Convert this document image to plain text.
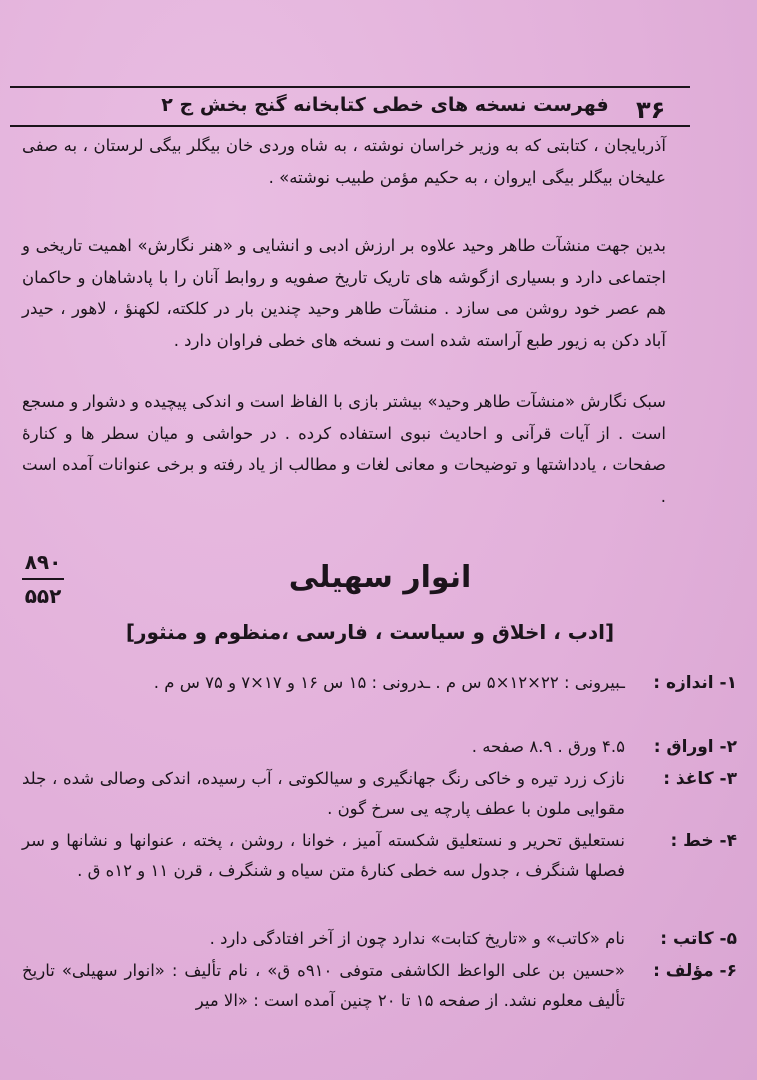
۳۶
فهرست نسخه های خطی کتابخانه گنج بخش ج ۲

آذربایجان ، کتابتی که به وزیر خراسان نوشته ، به شاه وردی خان بیگلر بیگی لرستان ، به صفی علیخان بیگلر بیگی ایروان ، به حکیم مؤمن طبیب نوشته» .

بدین جهت منشآت طاهر وحید علاوه بر ارزش ادبی و انشایی و «هنر نگارش» اهمیت تاریخی و اجتماعی دارد و بسیاری ازگوشه های تاریک تاریخ صفویه و روابط آنان را با پادشاهان و حاکمان هم عصر خود روشن می سازد . منشآت طاهر وحید چندین بار در کلکته، لکهنؤ ، لاهور ، حیدر آباد دکن به زیور طبع آراسته شده است و نسخه های خطی فراوان دارد .

سبک نگارش «منشآت طاهر وحید» بیشتر بازی با الفاظ است و اندکی پیچیده و دشوار و مسجع است . از آیات قرآنی و احادیث نبوی استفاده کرده . در حواشی و میان سطر ها و کنارهٔ صفحات ، یادداشتها و توضیحات و معانی لغات و مطالب از یاد رفته و برخی عنوانات آمده است .

۸۹۰
۵۵۲
انوار سهیلی
[ادب ، اخلاق و سیاست ، فارسی ،منظوم و منثور]
۱- اندازه :
ـبیرونی : ۲۲×۱۲×۵ س م . ـدرونی : ۱۵ س ۱۶ و ۱۷×۷ و ۷۵ س م .
۲- اوراق :
۴.۵ ورق . ۸.۹ صفحه .
۳- کاغذ :
نازک زرد تیره و خاکی رنگ جهانگیری و سیالکوتی ، آب رسیده، اندکی وصالی شده ، جلد مقوایی ملون با عطف پارچه یی سرخ گون .
۴- خط :
نستعلیق تحریر و نستعلیق شکسته آمیز ، خوانا ، روشن ، پخته ، عنوانها و نشانها و سر فصلها شنگرف ، جدول سه خطی کنارهٔ متن سیاه و شنگرف ، قرن ۱۱ و ۱۲ه ق .
۵- کاتب :
نام «کاتب» و «تاریخ کتابت» ندارد چون از آخر افتادگی دارد .
۶- مؤلف :
«حسین بن علی الواعظ الکاشفی متوفی ۹۱۰ه ق» ، نام تألیف : «انوار سهیلی» تاریخ تألیف معلوم نشد. از صفحه ۱۵ تا ۲۰ چنین آمده است : «الا میر
